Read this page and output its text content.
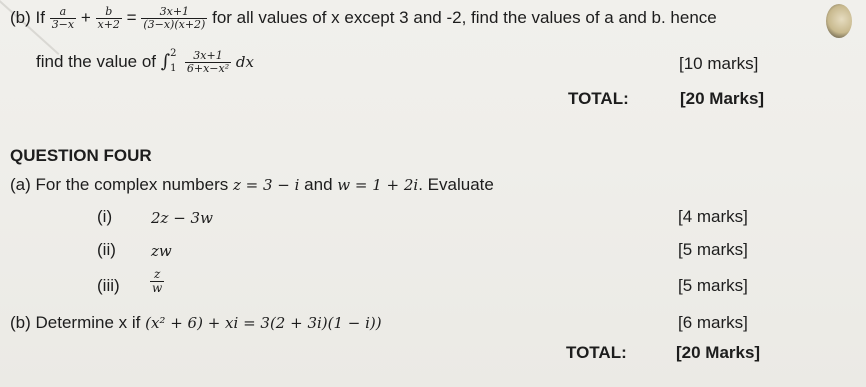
(b) If $\frac{a}{3-x} + \frac{b}{x+2} = \frac{3x+1}{(3-x)(x+2)}$ for all values of x except 3 and -2, find the values of a and b. hence
find the value of ∫ 2
1
$\frac{3x+1}{\text{6+x−x²}}$ dx	[10 marks]
TOTAL:	[20 Marks]
QUESTION FOUR
(a) For the complex numbers z = 3 − i and w = 1 + 2i. Evaluate
(i)	2z − 3w	[4 marks]
(ii) zw	[5 marks]
(iii)	$\frac{z}{w}$	[5 marks]
(b) Determine x if (x² + 6) + xi = 3(2 + 3i)(1 − i))	[6 marks]
TOTAL:	[20 Marks]
